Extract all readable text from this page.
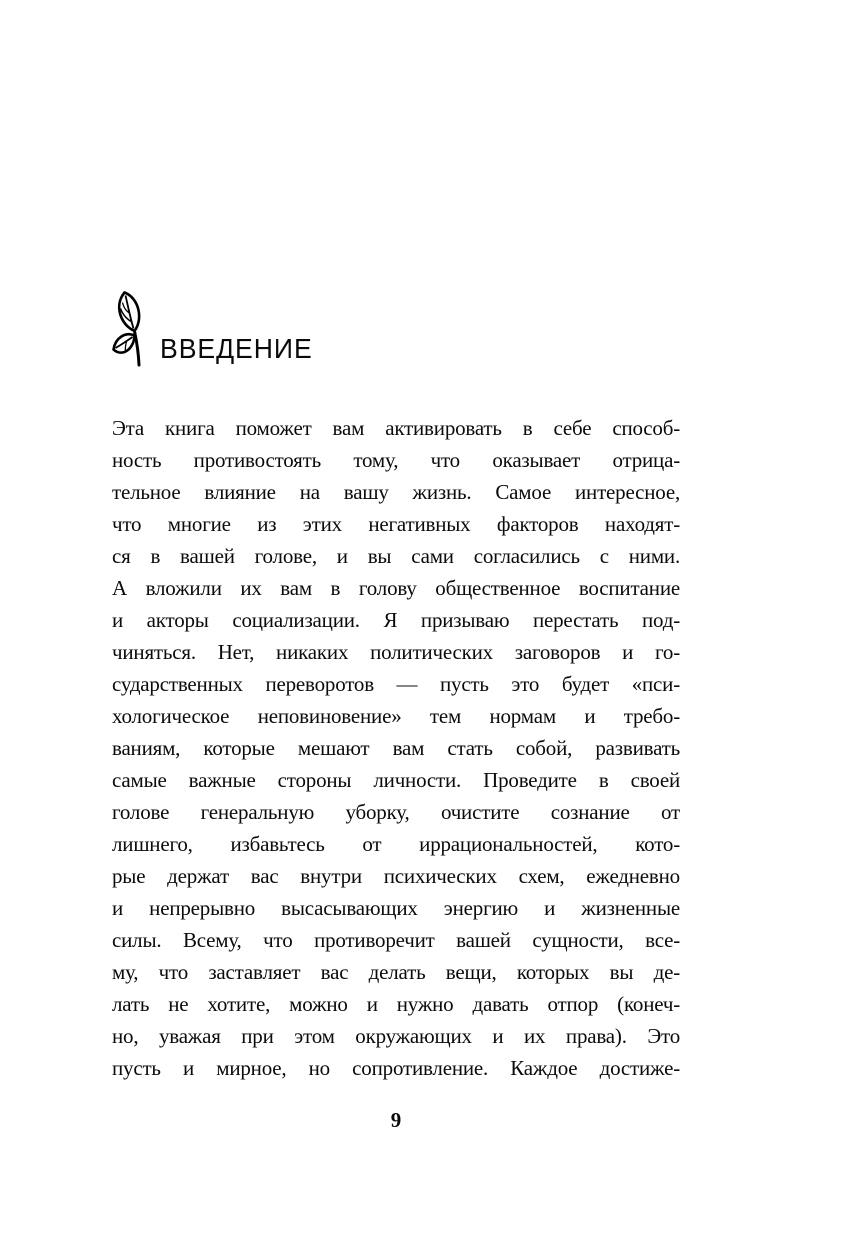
ВВЕДЕНИЕ
Эта книга поможет вам активировать в себе способ-
ность противостоять тому, что оказывает отрица-
тельное влияние на вашу жизнь. Самое интересное,
что многие из этих негативных факторов находят-
ся в вашей голове, и вы сами согласились с ними.
А вложили их вам в голову общественное воспитание
и акторы социализации. Я призываю перестать под-
чиняться. Нет, никаких политических заговоров и го-
сударственных переворотов — пусть это будет «пси-
хологическое неповиновение» тем нормам и требо-
ваниям, которые мешают вам стать собой, развивать
самые важные стороны личности. Проведите в своей
голове генеральную уборку, очистите сознание от
лишнего, избавьтесь от иррациональностей, кото-
рые держат вас внутри психических схем, ежедневно
и непрерывно высасывающих энергию и жизненные
силы. Всему, что противоречит вашей сущности, все-
му, что заставляет вас делать вещи, которых вы де-
лать не хотите, можно и нужно давать отпор (конеч-
но, уважая при этом окружающих и их права). Это
пусть и мирное, но сопротивление. Каждое достиже-
9
